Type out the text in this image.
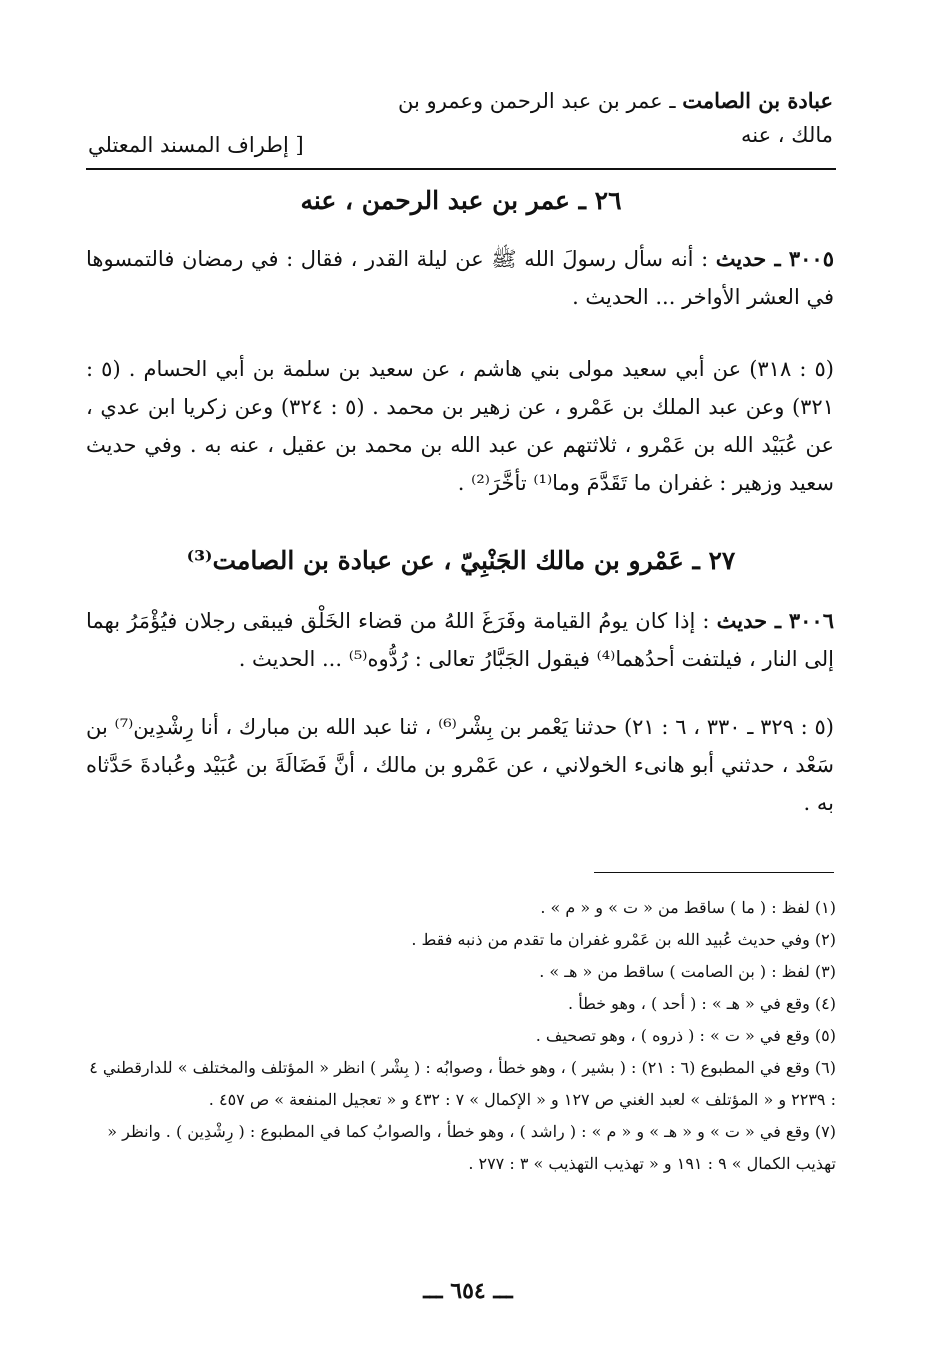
عبادة بن الصامت ـ عمر بن عبد الرحمن وعمرو بن
مالك ، عنه
[ إطراف المسند المعتلي
٢٦ ـ عمر بن عبد الرحمن ، عنه
٣٠٠٥ ـ حديث : أنه سأل رسولَ الله ﷺ عن ليلة القدر ، فقال : في رمضان فالتمسوها في العشر الأواخر ... الحديث .
(٥ : ٣١٨) عن أبي سعيد مولى بني هاشم ، عن سعيد بن سلمة بن أبي الحسام . (٥ : ٣٢١) وعن عبد الملك بن عَمْرو ، عن زهير بن محمد . (٥ : ٣٢٤) وعن زكريا ابن عدي ، عن عُبَيْد الله بن عَمْرو ، ثلاثتهم عن عبد الله بن محمد بن عقيل ، عنه به . وفي حديث سعيد وزهير : غفران ما تَقَدَّمَ وما⁽¹⁾ تأخَّرَ⁽²⁾ .
٢٧ ـ عَمْرو بن مالك الجَنْبِيّ ، عن عبادة بن الصامت⁽³⁾
٣٠٠٦ ـ حديث : إذا كان يومُ القيامة وفَرَغَ اللهُ من قضاء الخَلْق فيبقى رجلان فيُؤْمَرُ بهما إلى النار ، فيلتفت أحدُهما⁽⁴⁾ فيقول الجَبَّارُ تعالى : رُدُّوه⁽⁵⁾ ... الحديث .
(٥ : ٣٢٩ ـ ٣٣٠ ، ٦ : ٢١) حدثنا يَعْمر بن بِشْر⁽⁶⁾ ، ثنا عبد الله بن مبارك ، أنا رِشْدِين⁽⁷⁾ بن سَعْد ، حدثني أبو هانىء الخولاني ، عن عَمْرو بن مالك ، أنَّ فَضَالَةَ بن عُبَيْد وعُبادةَ حَدَّثاه به .

(١) لفظ : ( ما ) ساقط من « ت » و « م » .

(٢) وفي حديث عُبيد الله بن عَمْرو غفران ما تقدم من ذنبه فقط .

(٣) لفظ : ( بن الصامت ) ساقط من « هـ » .

(٤) وقع في « هـ » : ( أحد ) ، وهو خطأ .

(٥) وقع في « ت » : ( ذروه ) ، وهو تصحيف .

(٦) وقع في المطبوع (٦ : ٢١) : ( بشير ) ، وهو خطأ ، وصوابُه : ( بِشْر ) انظر « المؤتلف والمختلف » للدارقطني ٤ : ٢٢٣٩ و « المؤتلف » لعبد الغني ص ١٢٧ و « الإكمال » ٧ : ٤٣٢ و « تعجيل المنفعة » ص ٤٥٧ .

(٧) وقع في « ت » و « هـ » و « م » : ( راشد ) ، وهو خطأ ، والصوابُ كما في المطبوع : ( رِشْدِين ) . وانظر « تهذيب الكمال » ٩ : ١٩١ و « تهذيب التهذيب » ٣ : ٢٧٧ .

ـــ ٦٥٤ ـــ
